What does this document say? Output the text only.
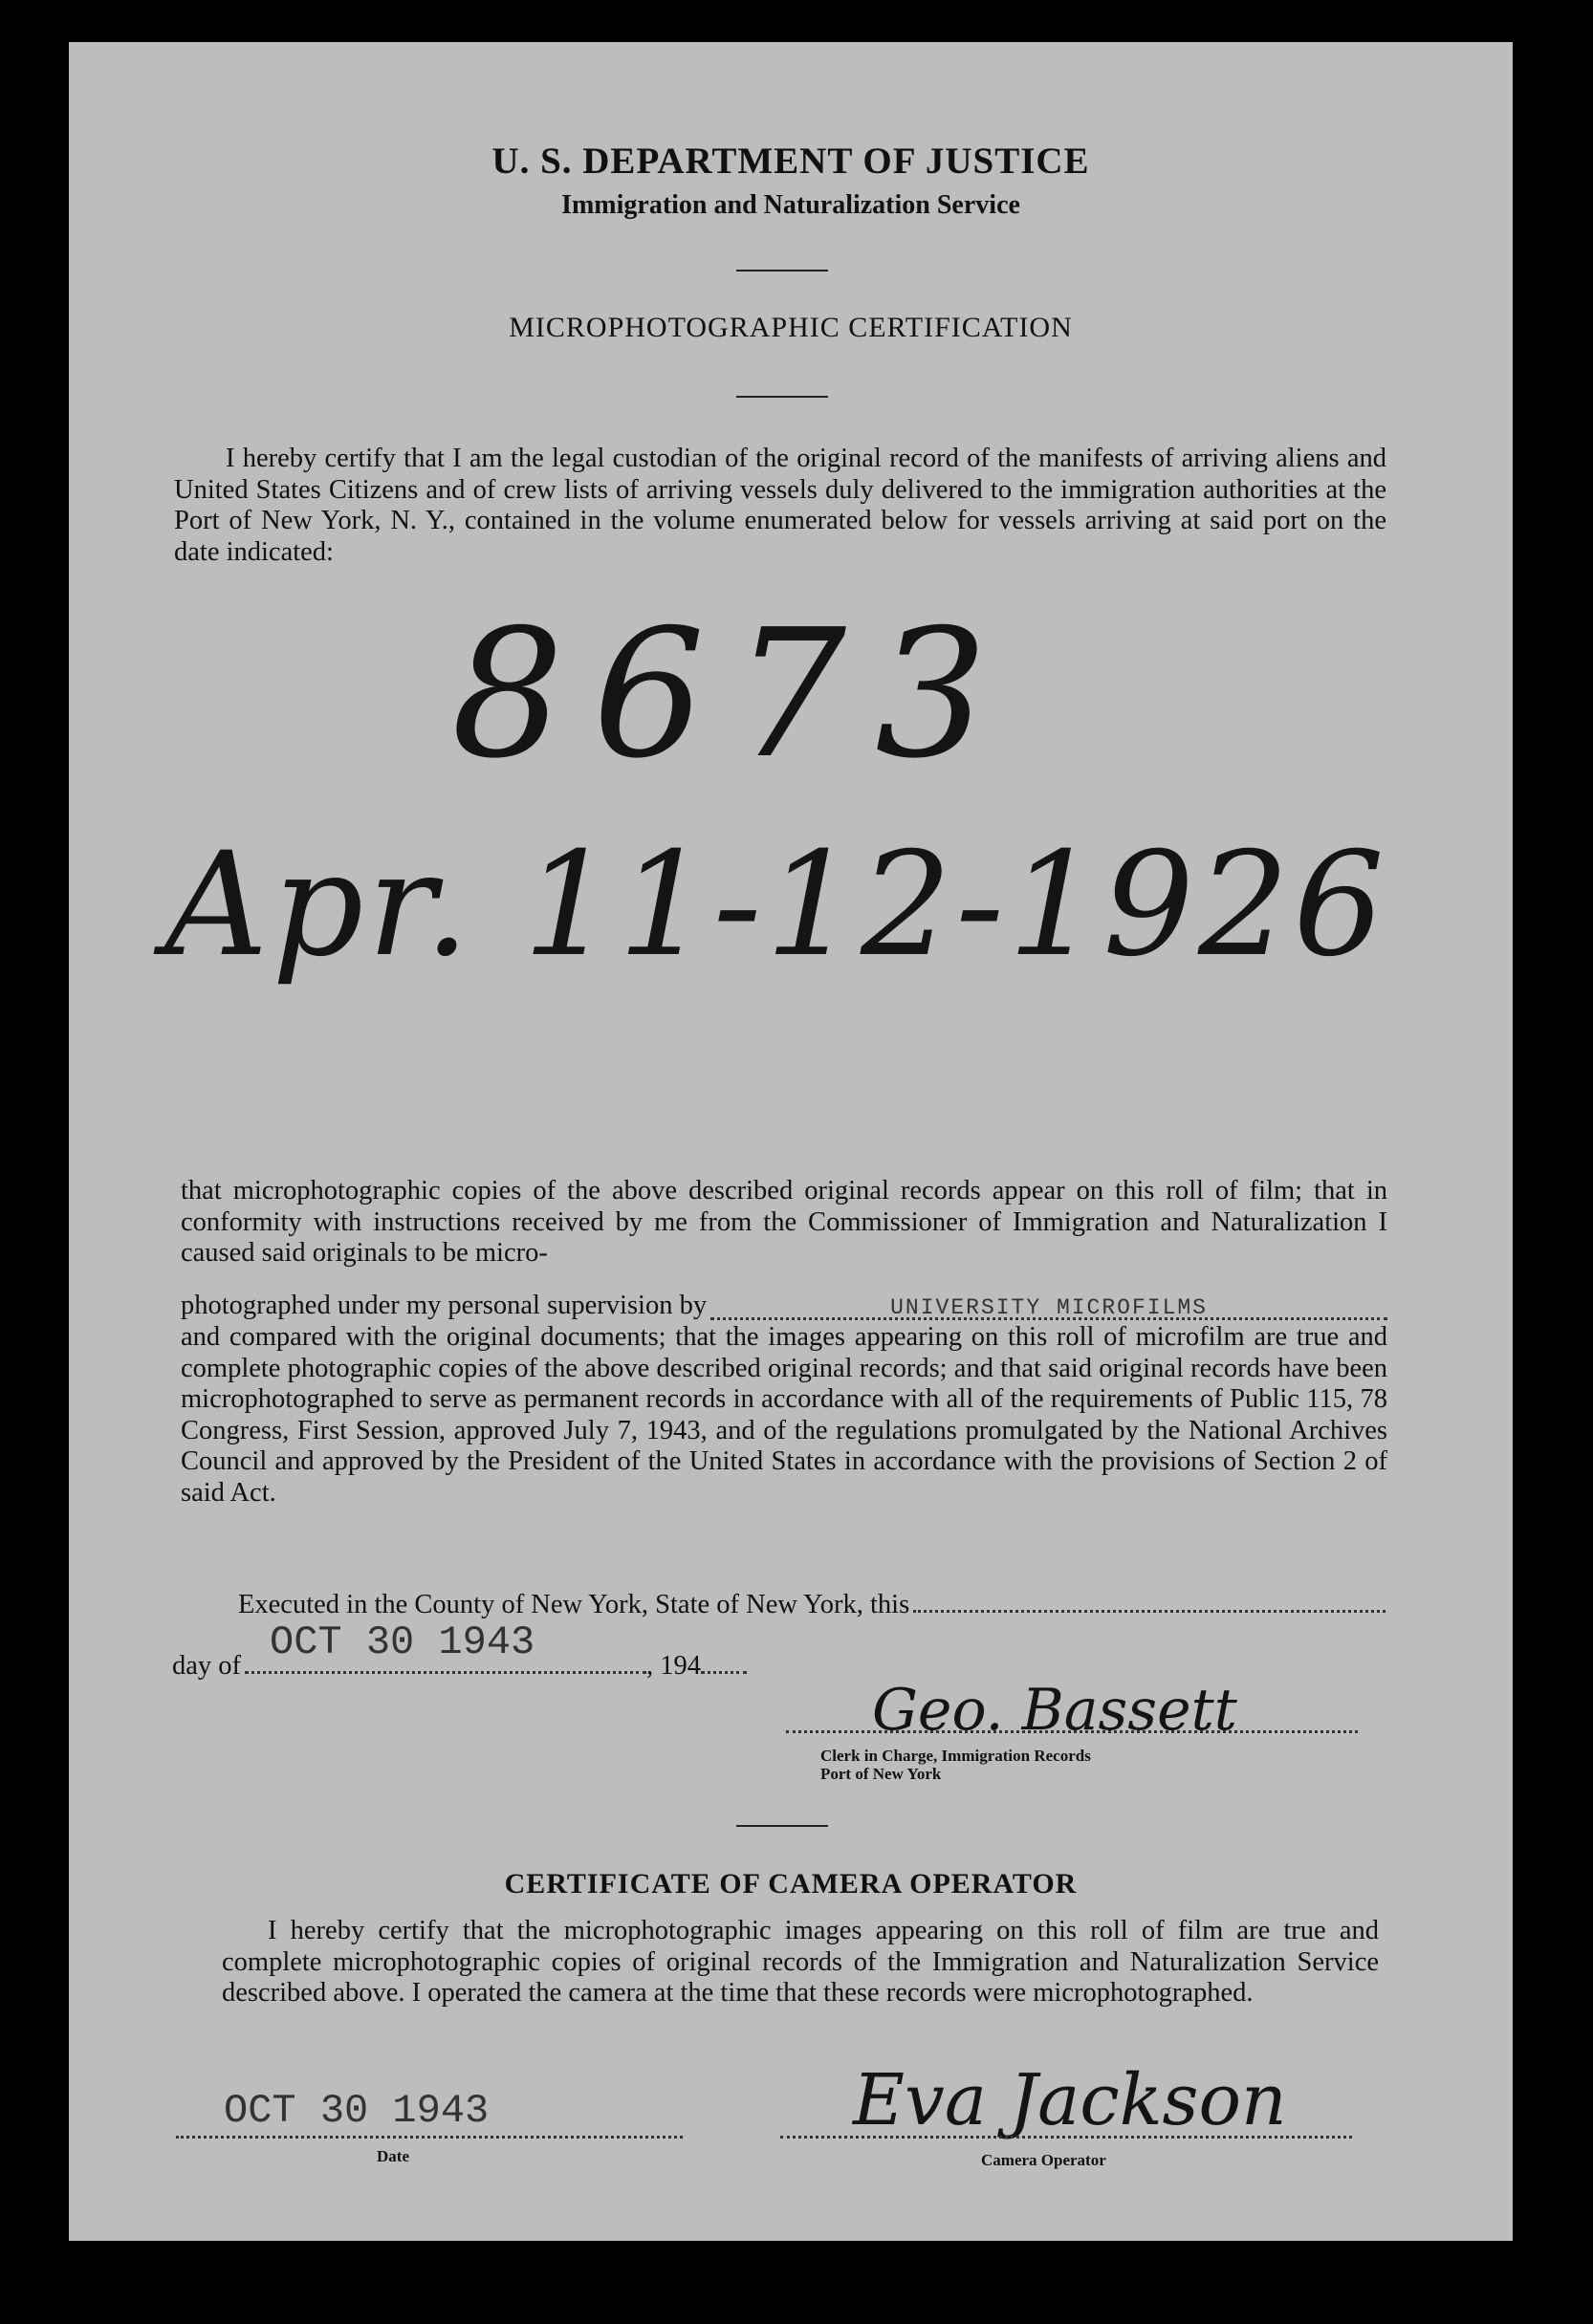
U. S. DEPARTMENT OF JUSTICE
Immigration and Naturalization Service
MICROPHOTOGRAPHIC CERTIFICATION
I hereby certify that I am the legal custodian of the original record of the manifests of arriving aliens and United States Citizens and of crew lists of arriving vessels duly delivered to the immigration authorities at the Port of New York, N. Y., contained in the volume enumerated below for vessels arriving at said port on the date indicated:
8673
Apr. 11-12-1926
that microphotographic copies of the above described original records appear on this roll of film; that in conformity with instructions received by me from the Commissioner of Immigration and Naturalization I caused said originals to be micro-
photographed under my personal supervision by	UNIVERSITY MICROFILMS
and compared with the original documents; that the images appearing on this roll of microfilm are true and complete photographic copies of the above described original records; and that said original records have been microphotographed to serve as permanent records in accordance with all of the requirements of Public 115, 78 Congress, First Session, approved July 7, 1943, and of the regulations promulgated by the National Archives Council and approved by the President of the United States in accordance with the provisions of Section 2 of said Act.
Executed in the County of New York, State of New York, this
day of
OCT 30 1943
, 194
Geo. Bassett
Clerk in Charge, Immigration Records
Port of New York
CERTIFICATE OF CAMERA OPERATOR
I hereby certify that the microphotographic images appearing on this roll of film are true and complete microphotographic copies of original records of the Immigration and Naturalization Service described above. I operated the camera at the time that these records were microphotographed.
OCT 30 1943
Date
Eva Jackson
Camera Operator
